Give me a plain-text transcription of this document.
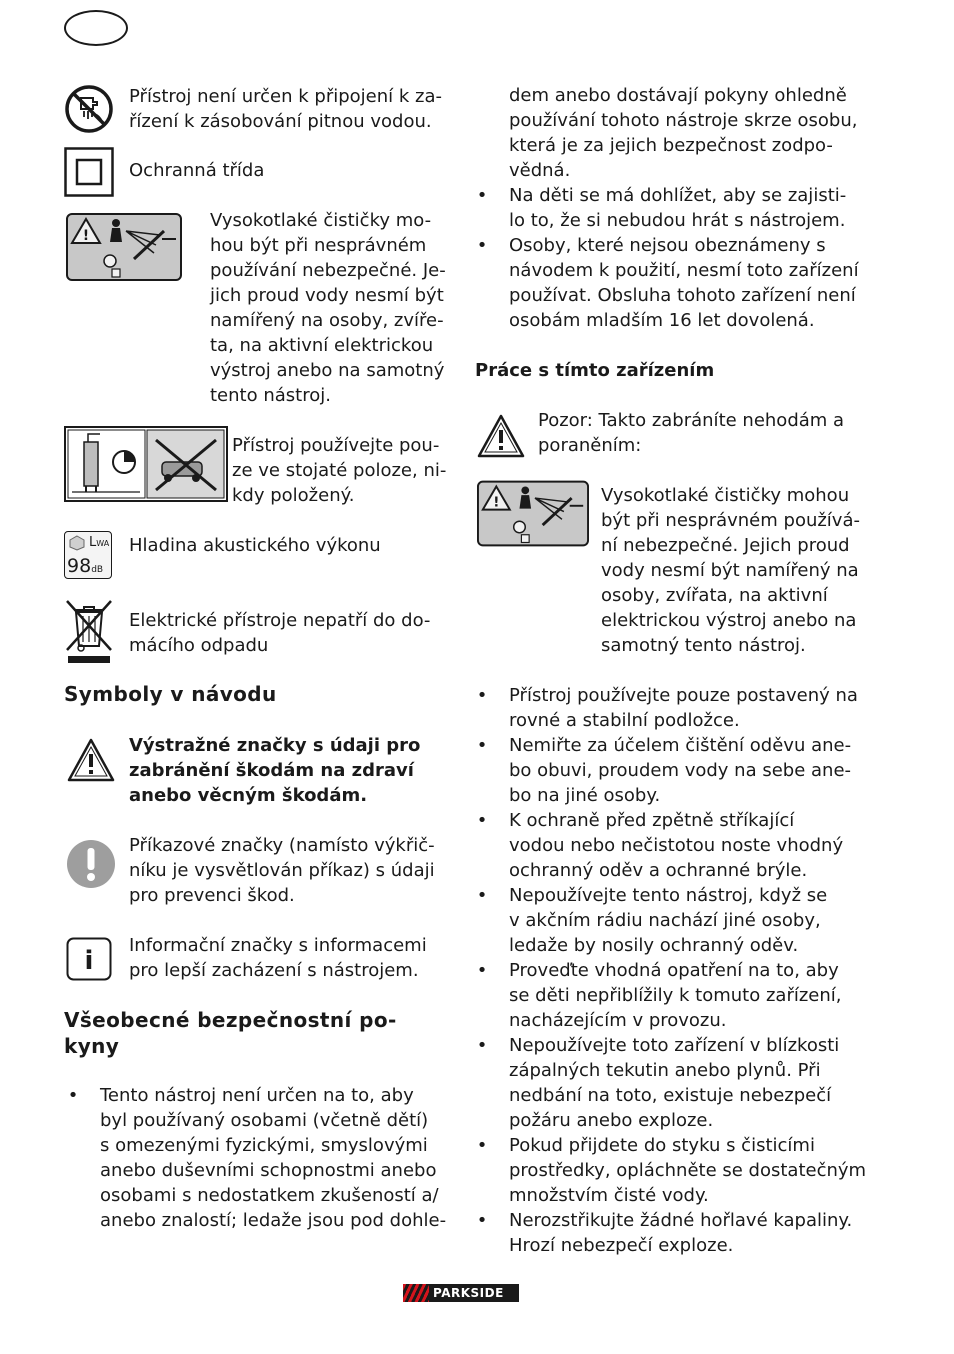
Přístroj není určen k připojení k za-
řízení k zásobování pitnou vodou.
Ochranná třída
!
Vysokotlaké čističky mo-
hou být při nesprávném
používání nebezpečné. Je-
jich proud vody nesmí být
namířený na osoby, zvíře-
ta, na aktivní elektrickou
výstroj anebo na samotný
tento nástroj.
Přístroj používejte pou-
ze ve stojaté poloze, ni-
kdy položený.
LWA
98dB
Hladina akustického výkonu
Elektrické přístroje nepatří do do-
mácího odpadu
Symboly v návodu
Výstražné značky s údaji pro
zabránění škodám na zdraví
anebo věcným škodám.
Příkazové značky (namísto výkřič-
níku je vysvětlován příkaz) s údaji
pro prevenci škod.
i
Informační značky s informacemi
pro lepší zacházení s nástrojem.
Všeobecné bezpečnostní po-
kyny
• Tento nástroj není určen na to, aby
byl používaný osobami (včetně dětí)
s omezenými fyzickými, smyslovými
anebo duševními schopnostmi anebo
osobami s nedostatkem zkušeností a/
anebo znalostí; ledaže jsou pod dohle-
dem anebo dostávají pokyny ohledně
používání tohoto nástroje skrze osobu,
která je za jejich bezpečnost zodpo-
vědná.
• Na děti se má dohlížet, aby se zajisti-
lo to, že si nebudou hrát s nástrojem.
• Osoby, které nejsou obeznámeny s
návodem k použití, nesmí toto zařízení
používat. Obsluha tohoto zařízení není
osobám mladším 16 let dovolená.
Práce s tímto zařízením
Pozor: Takto zabráníte nehodám a
poraněním:
!	Vysokotlaké čističky mohou
být při nesprávném používá-
ní nebezpečné. Jejich proud
vody nesmí být namířený na
osoby, zvířata, na aktivní
elektrickou výstroj anebo na
samotný tento nástroj.
• Přístroj používejte pouze postavený na
rovné a stabilní podložce.
• Nemiřte za účelem čištění oděvu ane-
bo obuvi, proudem vody na sebe ane-
bo na jiné osoby.
• K ochraně před zpětně stříkající
vodou nebo nečistotou noste vhodný
ochranný oděv a ochranné brýle.
• Nepoužívejte tento nástroj, když se
v akčním rádiu nachází jiné osoby,
ledaže by nosily ochranný oděv.
• Proveďte vhodná opatření na to, aby
se děti nepřiblížily k tomuto zařízení,
nacházejícím v provozu.
• Nepoužívejte toto zařízení v blízkosti
zápalných tekutin anebo plynů. Při
nedbání na toto, existuje nebezpečí
požáru anebo exploze.
• Pokud přijdete do styku s čisticími
prostředky, opláchněte se dostatečným
množstvím čisté vody.
• Nerozstřikujte žádné hořlavé kapaliny.
Hrozí nebezpečí exploze.
PARKSIDE
